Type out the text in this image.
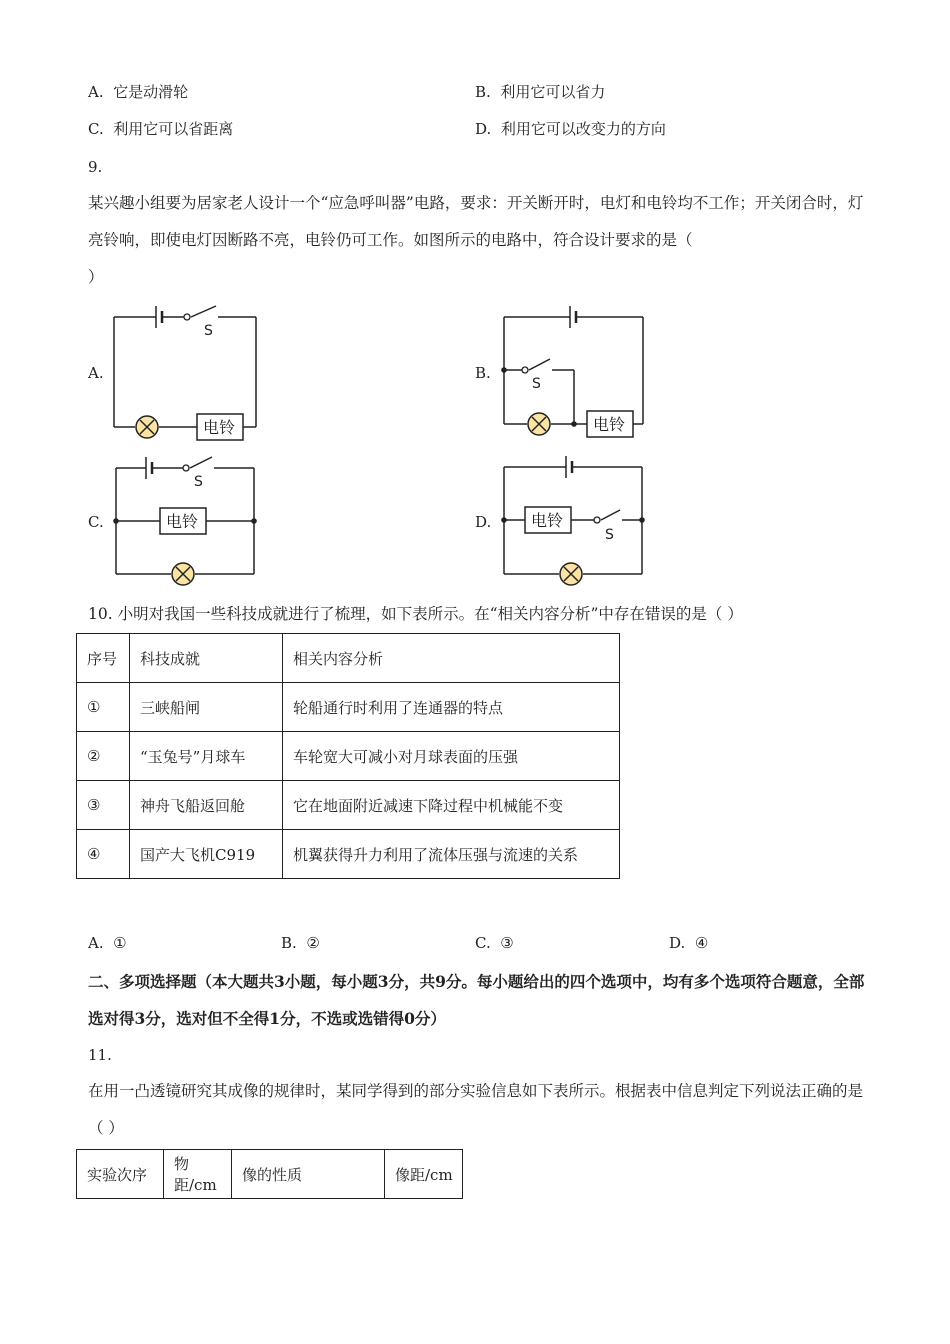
A. 它是动滑轮	B. 利用它可以省力
C. 利用它可以省距离	D. 利用它可以改变力的方向
9.
某兴趣小组要为居家老人设计一个“应急呼叫器”电路，要求：开关断开时，电灯和电铃均不工作；开关闭合时，灯亮铃响，即使电灯因断路不亮，电铃仍可工作。如图所示的电路中，符合设计要求的是（
）
A.
电铃
S
B.
电铃
S
C.	电铃
S
D. 电铃
S
10. 小明对我国一些科技成就进行了梳理，如下表所示。在“相关内容分析”中存在错误的是（ ）
序号	科技成就	相关内容分析
①	三峡船闸	轮船通行时利用了连通器的特点
②	“玉兔号”月球车	车轮宽大可减小对月球表面的压强
③	神舟飞船返回舱	它在地面附近减速下降过程中机械能不变
④	国产大飞机C919	机翼获得升力利用了流体压强与流速的关系
A. ①	B. ②	C. ③	D. ④
二、多项选择题（本大题共3小题，每小题3分，共9分。每小题给出的四个选项中，均有多个选项符合题意，全部选对得3分，选对但不全得1分，不选或选错得0分）
11.
在用一凸透镜研究其成像的规律时，某同学得到的部分实验信息如下表所示。根据表中信息判定下列说法正确的是（ ）
实验次序	物距/cm	像的性质	像距/cm
